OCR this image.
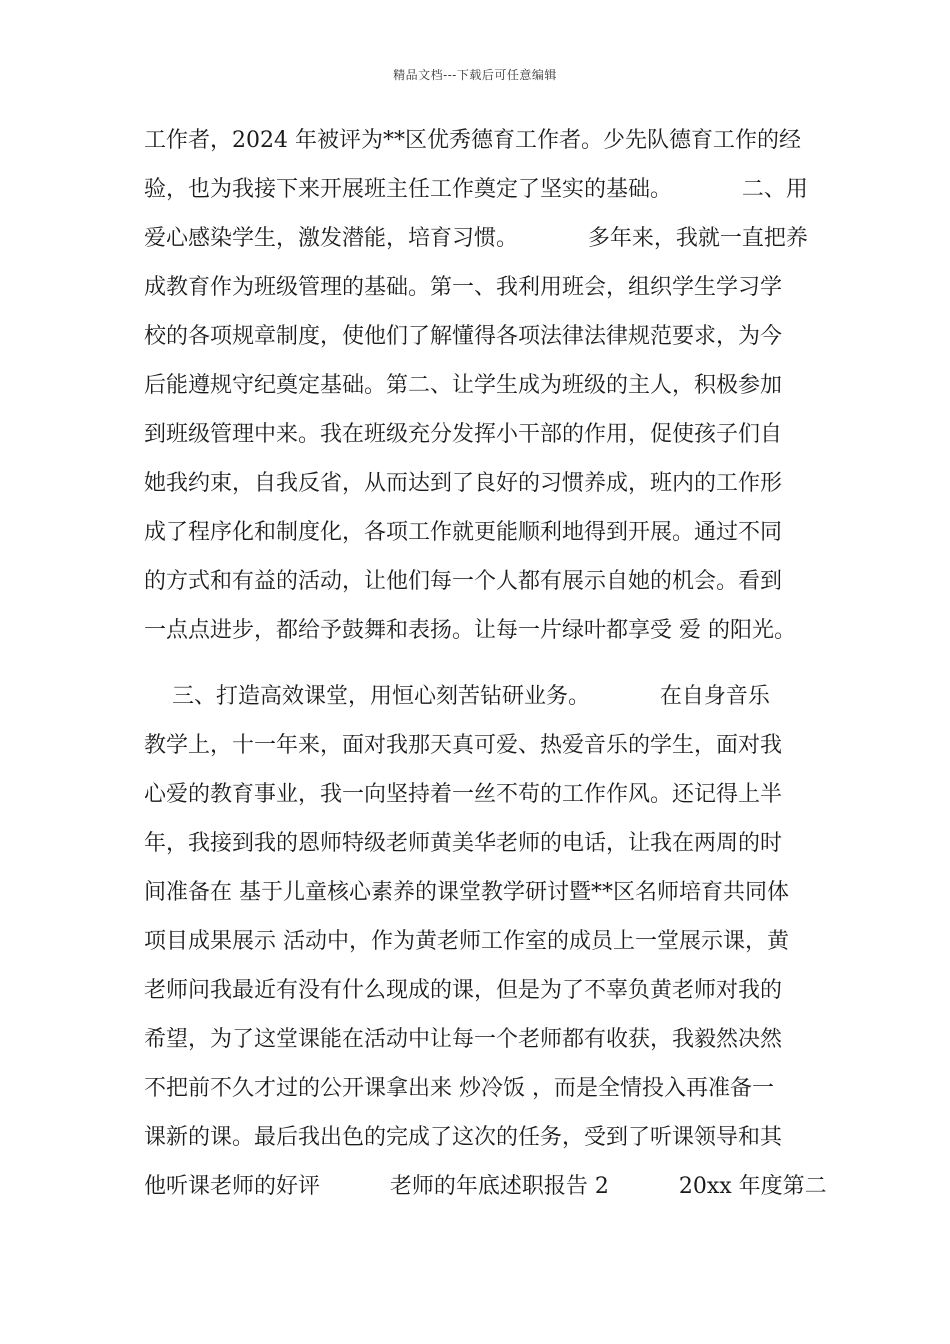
精品文档---下载后可任意编辑
工作者，2024 年被评为**区优秀德育工作者。少先队德育工作的经
验，也为我接下来开展班主任工作奠定了坚实的基础。          二、用
爱心感染学生，激发潜能，培育习惯。          多年来，我就一直把养
成教育作为班级管理的基础。第一、我利用班会，组织学生学习学
校的各项规章制度，使他们了解懂得各项法律法律规范要求，为今
后能遵规守纪奠定基础。第二、让学生成为班级的主人，积极参加
到班级管理中来。我在班级充分发挥小干部的作用，促使孩子们自
她我约束，自我反省，从而达到了良好的习惯养成，班内的工作形
成了程序化和制度化，各项工作就更能顺利地得到开展。通过不同
的方式和有益的活动，让他们每一个人都有展示自她的机会。看到
一点点进步，都给予鼓舞和表扬。让每一片绿叶都享受 爱 的阳光。
三、打造高效课堂，用恒心刻苦钻研业务。          在自身音乐
教学上，十一年来，面对我那天真可爱、热爱音乐的学生，面对我
心爱的教育事业，我一向坚持着一丝不苟的工作作风。还记得上半
年，我接到我的恩师特级老师黄美华老师的电话，让我在两周的时
间准备在 基于儿童核心素养的课堂教学研讨暨**区名师培育共同体
项目成果展示 活动中，作为黄老师工作室的成员上一堂展示课，黄
老师问我最近有没有什么现成的课，但是为了不辜负黄老师对我的
希望，为了这堂课能在活动中让每一个老师都有收获，我毅然决然
不把前不久才过的公开课拿出来 炒冷饭 ，而是全情投入再准备一
课新的课。最后我出色的完成了这次的任务，受到了听课领导和其
他听课老师的好评          老师的年底述职报告 2          20xx 年度第二
